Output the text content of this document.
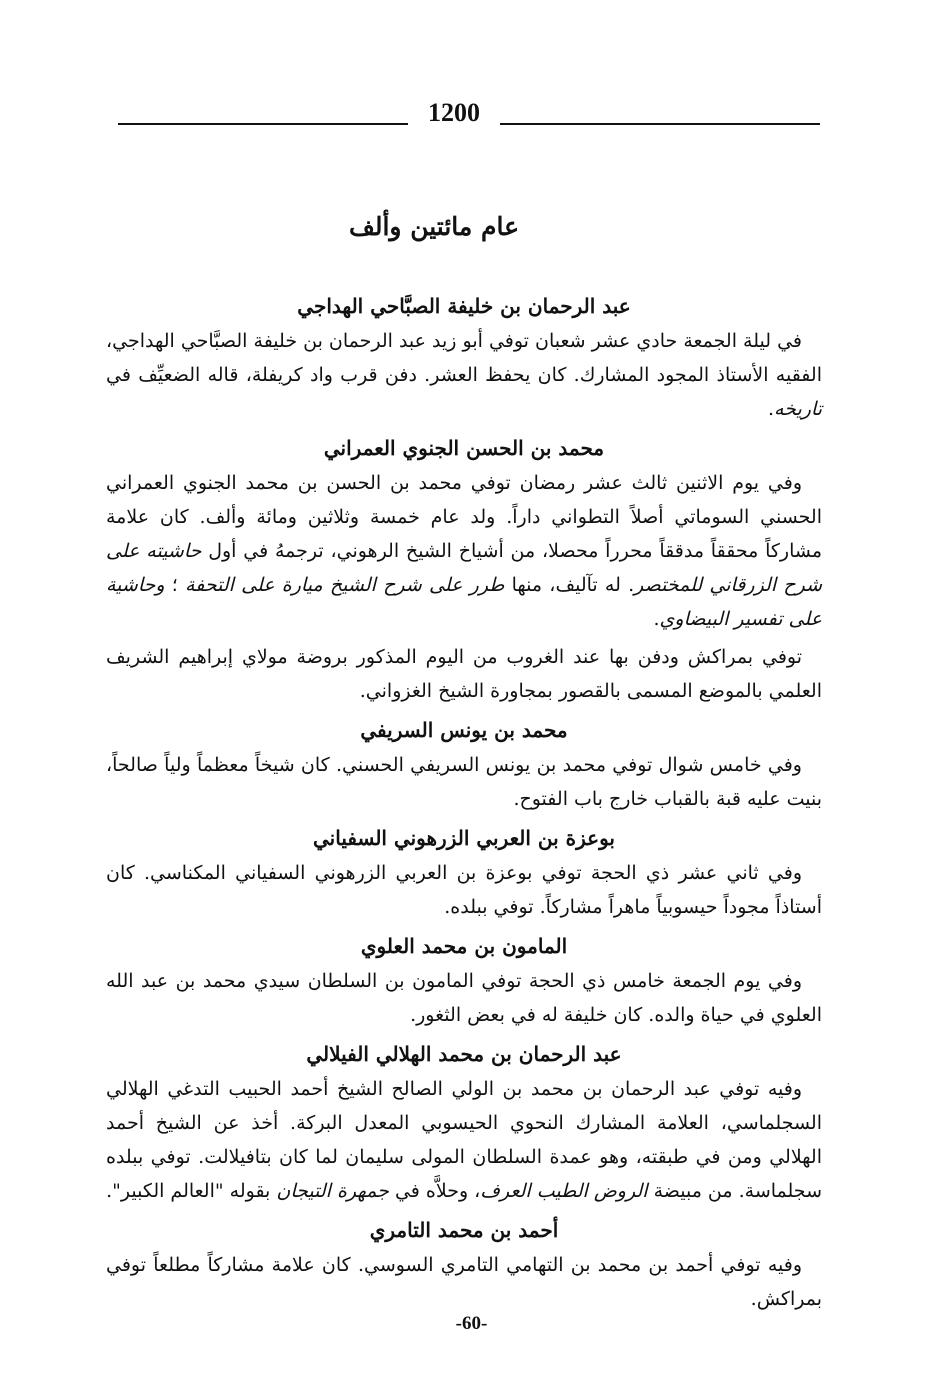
1200
عام مائتين وألف
عبد الرحمان بن خليفة الصبَّاحي الهداجي

في ليلة الجمعة حادي عشر شعبان توفي أبو زيد عبد الرحمان بن خليفة الصبَّاحي الهداجي، الفقيه الأستاذ المجود المشارك. كان يحفظ العشر. دفن قرب واد كريفلة، قاله الضعيِّف في تاريخه.

محمد بن الحسن الجنوي العمراني

وفي يوم الاثنين ثالث عشر رمضان توفي محمد بن الحسن بن محمد الجنوي العمراني الحسني السوماتي أصلاً التطواني داراً. ولد عام خمسة وثلاثين ومائة وألف. كان علامة مشاركاً محققاً مدققاً محرراً محصلا، من أشياخ الشيخ الرهوني، ترجمهُ في أول حاشيته على شرح الزرقاني للمختصر. له تآليف، منها طرر على شرح الشيخ ميارة على التحفة ؛ وحاشية على تفسير البيضاوي.

توفي بمراكش ودفن بها عند الغروب من اليوم المذكور بروضة مولاي إبراهيم الشريف العلمي بالموضع المسمى بالقصور بمجاورة الشيخ الغزواني.

محمد بن يونس السريفي

وفي خامس شوال توفي محمد بن يونس السريفي الحسني. كان شيخاً معظماً ولياً صالحاً، بنيت عليه قبة بالقباب خارج باب الفتوح.

بوعزة بن العربي الزرهوني السفياني

وفي ثاني عشر ذي الحجة توفي بوعزة بن العربي الزرهوني السفياني المكناسي. كان أستاذاً مجوداً حيسوبياً ماهراً مشاركاً. توفي ببلده.

المامون بن محمد العلوي

وفي يوم الجمعة خامس ذي الحجة توفي المامون بن السلطان سيدي محمد بن عبد الله العلوي في حياة والده. كان خليفة له في بعض الثغور.

عبد الرحمان بن محمد الهلالي الفيلالي

وفيه توفي عبد الرحمان بن محمد بن الولي الصالح الشيخ أحمد الحبيب التدغي الهلالي السجلماسي، العلامة المشارك النحوي الحيسوبي المعدل البركة. أخذ عن الشيخ أحمد الهلالي ومن في طبقته، وهو عمدة السلطان المولى سليمان لما كان بتافيلالت. توفي ببلده سجلماسة. من مبيضة الروض الطيب العرف، وحلاَّه في جمهرة التيجان بقوله "العالم الكبير".

أحمد بن محمد التامري

وفيه توفي أحمد بن محمد بن التهامي التامري السوسي. كان علامة مشاركاً مطلعاً توفي بمراكش.

-60-
